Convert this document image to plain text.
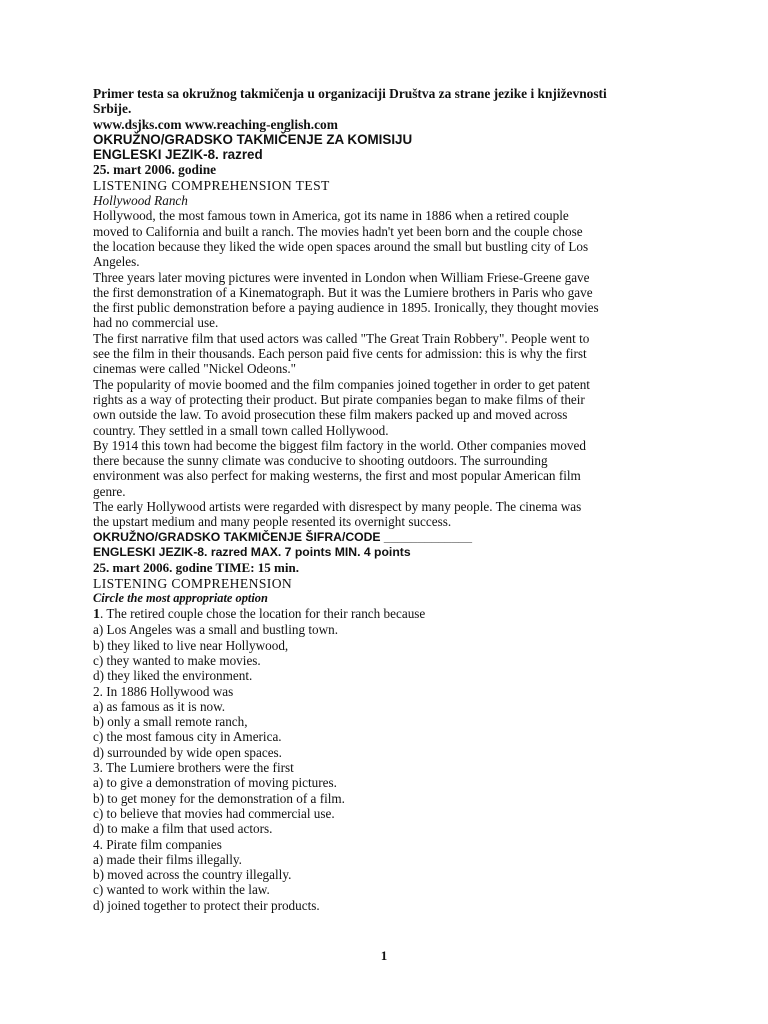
Primer testa sa okružnog takmičenja u organizaciji Društva za strane jezike i književnosti
Srbije.
www.dsjks.com www.reaching-english.com
OKRUŽNO/GRADSKO TAKMIČENJE ZA KOMISIJU
ENGLESKI JEZIK-8. razred
25. mart 2006. godine
LISTENING COMPREHENSION TEST
Hollywood Ranch
Hollywood, the most famous town in America, got its name in 1886 when a retired couple
moved to California and built a ranch. The movies hadn't yet been born and the couple chose
the location because they liked the wide open spaces around the small but bustling city of Los
Angeles.
Three years later moving pictures were invented in London when William Friese-Greene gave
the first demonstration of a Kinematograph. But it was the Lumiere brothers in Paris who gave
the first public demonstration before a paying audience in 1895. Ironically, they thought movies
had no commercial use.
The first narrative film that used actors was called "The Great Train Robbery". People went to
see the film in their thousands. Each person paid five cents for admission: this is why the first
cinemas were called "Nickel Odeons."
The popularity of movie boomed and the film companies joined together in order to get patent
rights as a way of protecting their product. But pirate companies began to make films of their
own outside the law. To avoid prosecution these film makers packed up and moved across
country. They settled in a small town called Hollywood.
By 1914 this town had become the biggest film factory in the world. Other companies moved
there because the sunny climate was conducive to shooting outdoors. The surrounding
environment was also perfect for making westerns, the first and most popular American film
genre.
The early Hollywood artists were regarded with disrespect by many people. The cinema was
the upstart medium and many people resented its overnight success.
OKRUŽNO/GRADSKO TAKMIČENJE ŠIFRA/CODE _____________
ENGLESKI JEZIK-8. razred MAX. 7 points MIN. 4 points
25. mart 2006. godine TIME: 15 min.
LISTENING COMPREHENSION
Circle the most appropriate option
1. The retired couple chose the location for their ranch because
a) Los Angeles was a small and bustling town.
b) they liked to live near Hollywood,
c) they wanted to make movies.
d) they liked the environment.
2. In 1886 Hollywood was
a) as famous as it is now.
b) only a small remote ranch,
c) the most famous city in America.
d) surrounded by wide open spaces.
3. The Lumiere brothers were the first
a) to give a demonstration of moving pictures.
b) to get money for the demonstration of a film.
c) to believe that movies had commercial use.
d) to make a film that used actors.
4. Pirate film companies
a) made their films illegally.
b) moved across the country illegally.
c) wanted to work within the law.
d) joined together to protect their products.
1
